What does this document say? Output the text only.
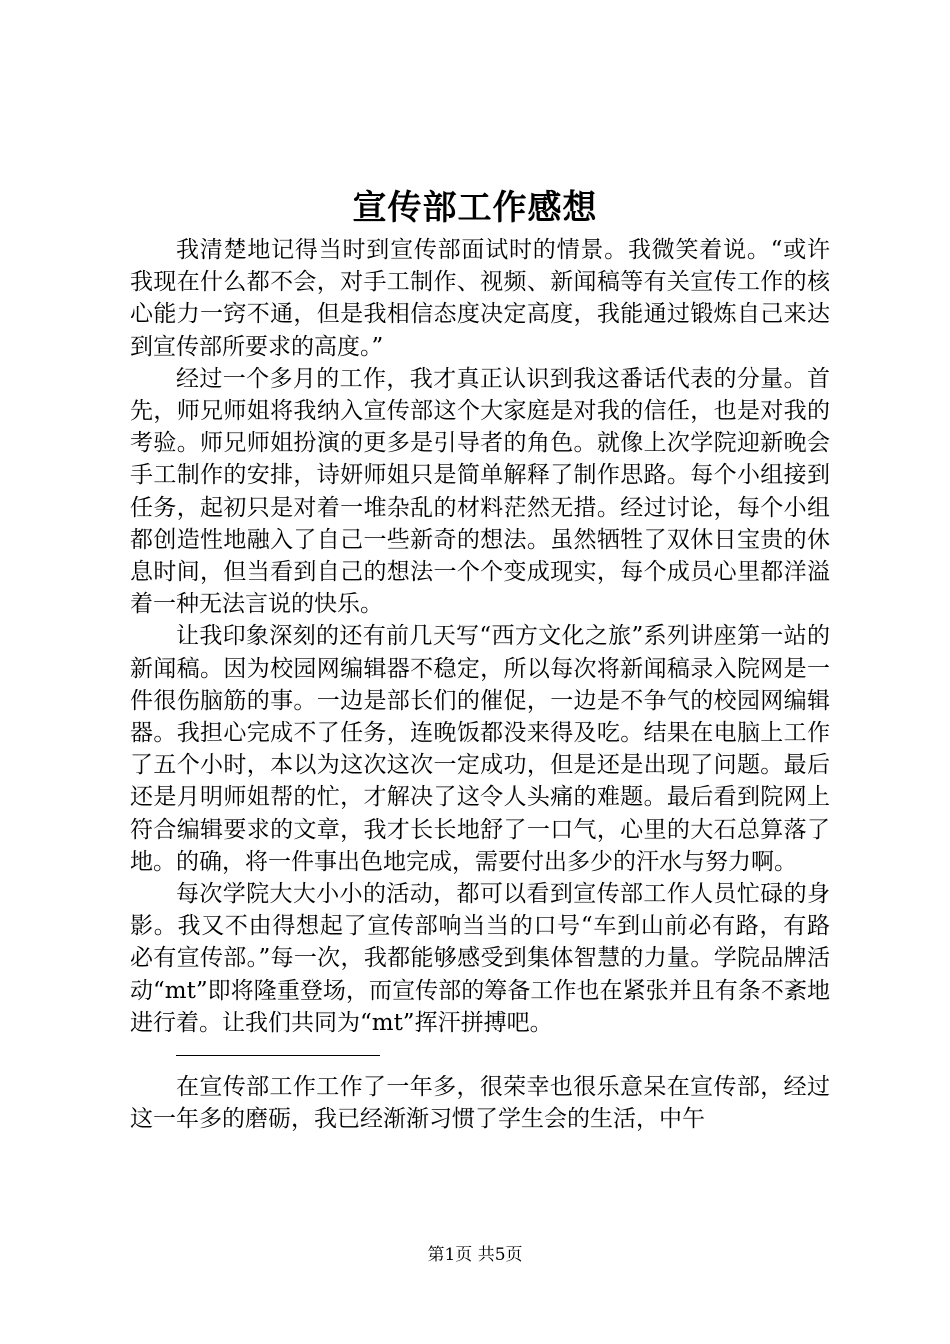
宣传部工作感想

我清楚地记得当时到宣传部面试时的情景。我微笑着说。“或许我现在什么都不会，对手工制作、视频、新闻稿等有关宣传工作的核心能力一窍不通，但是我相信态度决定高度，我能通过锻炼自己来达到宣传部所要求的高度。”

经过一个多月的工作，我才真正认识到我这番话代表的分量。首先，师兄师姐将我纳入宣传部这个大家庭是对我的信任，也是对我的考验。师兄师姐扮演的更多是引导者的角色。就像上次学院迎新晚会手工制作的安排，诗妍师姐只是简单解释了制作思路。每个小组接到任务，起初只是对着一堆杂乱的材料茫然无措。经过讨论，每个小组都创造性地融入了自己一些新奇的想法。虽然牺牲了双休日宝贵的休息时间，但当看到自己的想法一个个变成现实，每个成员心里都洋溢着一种无法言说的快乐。

让我印象深刻的还有前几天写“西方文化之旅”系列讲座第一站的新闻稿。因为校园网编辑器不稳定，所以每次将新闻稿录入院网是一件很伤脑筋的事。一边是部长们的催促，一边是不争气的校园网编辑器。我担心完成不了任务，连晚饭都没来得及吃。结果在电脑上工作了五个小时，本以为这次这次一定成功，但是还是出现了问题。最后还是月明师姐帮的忙，才解决了这令人头痛的难题。最后看到院网上符合编辑要求的文章，我才长长地舒了一口气，心里的大石总算落了地。的确，将一件事出色地完成，需要付出多少的汗水与努力啊。

每次学院大大小小的活动，都可以看到宣传部工作人员忙碌的身影。我又不由得想起了宣传部响当当的口号“车到山前必有路，有路必有宣传部。”每一次，我都能够感受到集体智慧的力量。学院品牌活动“mt”即将隆重登场，而宣传部的筹备工作也在紧张并且有条不紊地进行着。让我们共同为“mt”挥汗拼搏吧。

在宣传部工作工作了一年多，很荣幸也很乐意呆在宣传部，经过这一年多的磨砺，我已经渐渐习惯了学生会的生活，中午

第1页 共5页
